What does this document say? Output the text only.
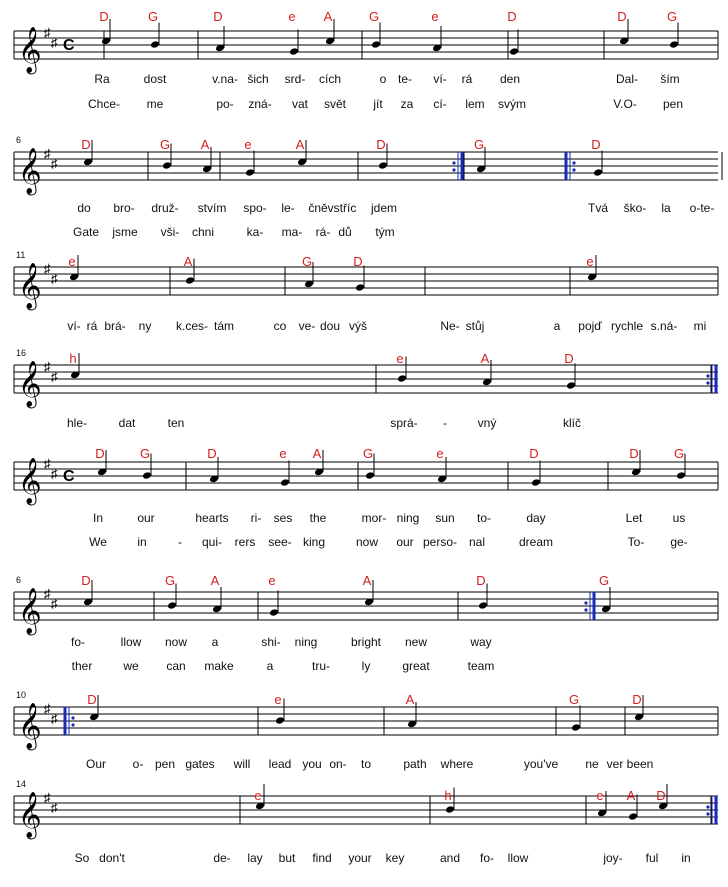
𝄞 ♯
♯ C
D	G	D	e A	G	e	D	D	G
Ra	dost	v.na- šich srd- cích	o te- ví- rá den	Dal- ším
Chce- me	po- zná- vat svět jít za cí- lem svým	V.O- pen
𝄞 ♯
♯
6	D	G A	e	A	D	G	D
do bro- druž- stvím spo- le- čně vstříc jdem	Tvá ško- la o-te-
Gate jsme vši- chni	ka- ma- rá- dů tým
𝄞 ♯
♯
11	e	A	G	D	e
ví- rá brá- ny k.ces- tám	co ve- dou výš	Ne- stůj	a pojď rychle s.ná- mi
𝄞 ♯
♯
16	h	e	A	D
hle-	dat	ten	sprá- -	vný	klíč
𝄞 ♯
♯ C
D	G	D	e A	G	e	D	D	G
In	our	hearts ri- ses the	mor- ning sun to-	day	Let	us
We	in	- qui- rers see- king	now our perso- nal	dream	To- ge-
𝄞 ♯
♯
6	D	G	A	e	A	D	G
fo-	llow now a	shi- ning	bright new	way
ther	we can make	a	tru-	ly	great	team
𝄞 ♯
♯
10	D	e	A	G	D
Our o- pen gates will lead you on- to	path where	you've ne ver been
𝄞 ♯
♯
14
e	h	e A D
So don't	de- lay but find your key	and fo- llow	joy- ful in
